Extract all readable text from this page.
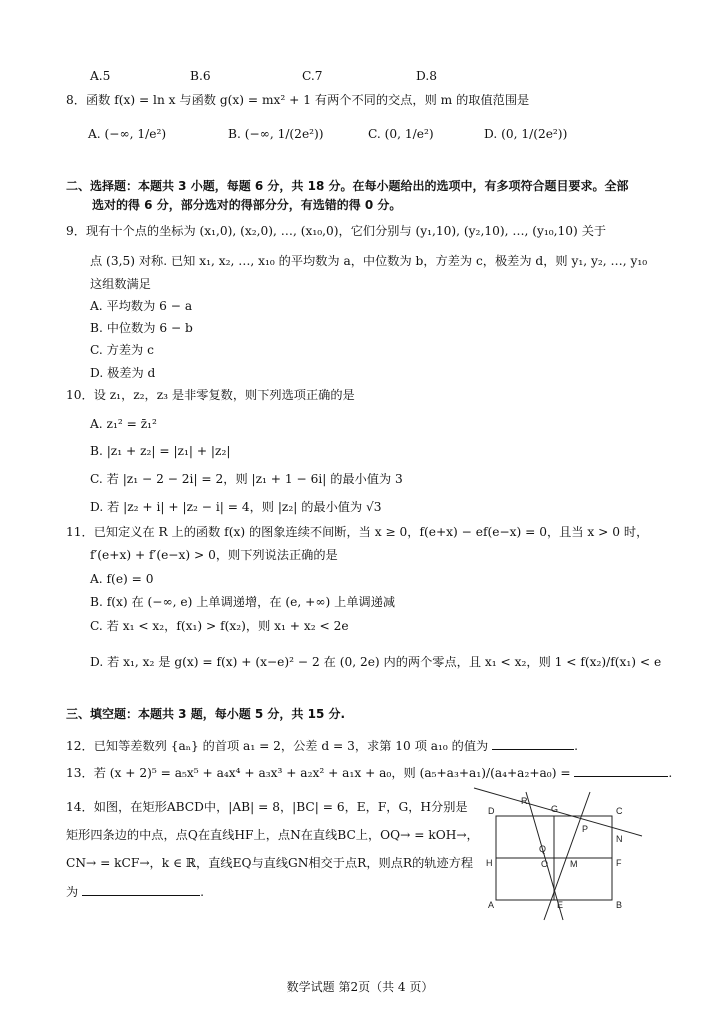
A.5	B.6	C.7	D.8
8．函数 f(x) = ln x 与函数 g(x) = mx² + 1 有两个不同的交点，则 m 的取值范围是
A. (−∞, 1/e²)	B. (−∞, 1/(2e²))	C. (0, 1/e²)	D. (0, 1/(2e²))
二、选择题：本题共 3 小题，每题 6 分，共 18 分。在每小题给出的选项中，有多项符合题目要求。全部
选对的得 6 分，部分选对的得部分分，有选错的得 0 分。
9．现有十个点的坐标为 (x₁,0), (x₂,0), …, (x₁₀,0)，它们分别与 (y₁,10), (y₂,10), …, (y₁₀,10) 关于
点 (3,5) 对称. 已知 x₁, x₂, …, x₁₀ 的平均数为 a，中位数为 b，方差为 c，极差为 d，则 y₁, y₂, …, y₁₀
这组数满足
A. 平均数为 6 − a
B. 中位数为 6 − b
C. 方差为 c
D. 极差为 d
10．设 z₁，z₂，z₃ 是非零复数，则下列选项正确的是
A. z₁² = z̄₁²
B. |z₁ + z₂| = |z₁| + |z₂|
C. 若 |z₁ − 2 − 2i| = 2，则 |z₁ + 1 − 6i| 的最小值为 3
D. 若 |z₂ + i| + |z₂ − i| = 4，则 |z₂| 的最小值为 √3
11．已知定义在 R 上的函数 f(x) 的图象连续不间断，当 x ≥ 0，f(e+x) − ef(e−x) = 0，且当 x > 0 时，
f′(e+x) + f′(e−x) > 0，则下列说法正确的是
A. f(e) = 0
B. f(x) 在 (−∞, e) 上单调递增，在 (e, +∞) 上单调递减
C. 若 x₁ < x₂，f(x₁) > f(x₂)，则 x₁ + x₂ < 2e
D. 若 x₁, x₂ 是 g(x) = f(x) + (x−e)² − 2 在 (0, 2e) 内的两个零点，且 x₁ < x₂，则 1 < f(x₂)/f(x₁) < e
三、填空题：本题共 3 题，每小题 5 分，共 15 分.
12．已知等差数列 {aₙ} 的首项 a₁ = 2，公差 d = 3，求第 10 项 a₁₀ 的值为	.
13．若 (x + 2)⁵ = a₅x⁵ + a₄x⁴ + a₃x³ + a₂x² + a₁x + a₀，则 (a₅+a₃+a₁)/(a₄+a₂+a₀) =	.
14．如图，在矩形ABCD中，|AB| = 8，|BC| = 6，E，F，G，H分别是
矩形四条边的中点，点Q在直线HF上，点N在直线BC上，OQ→ = kOH→，
CN→ = kCF→，k ∈ ℝ，直线EQ与直线GN相交于点R，则点R的轨迹方程
为	.
D	C
A	B
G
E
H	F
R
P
N
Q
O M
数学试题 第2页（共 4 页）
